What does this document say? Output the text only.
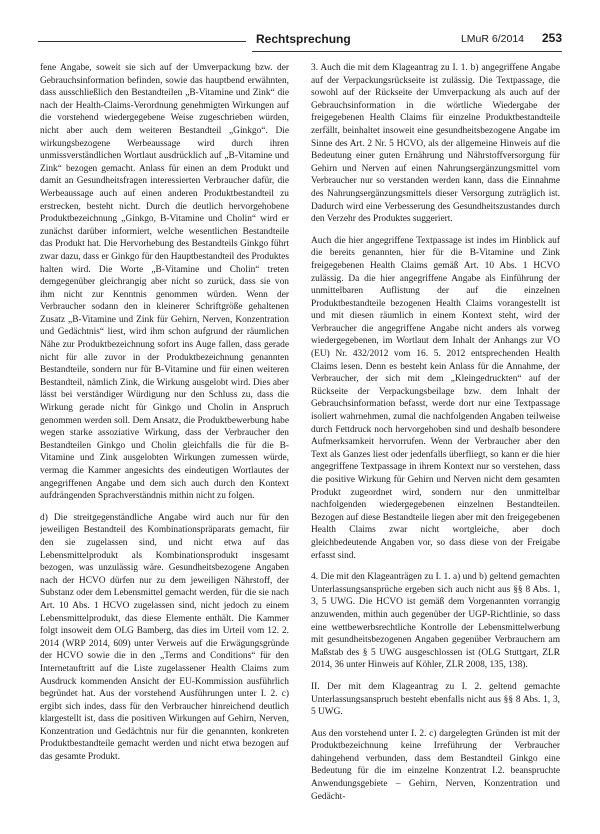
Rechtsprechung	LMuR 6/2014 253

fene Angabe, soweit sie sich auf der Umverpackung bzw. der Gebrauchsinformation befinden, sowie das hauptbend erwähnten, dass ausschließlich den Bestandteilen „B-Vitamine und Zink“ die nach der Health-Claims-Verordnung genehmigten Wirkungen auf die vorstehend wiedergegebene Weise zugeschrieben würden, nicht aber auch dem weiteren Bestandteil „Ginkgo“. Die wirkungsbezogene Werbeaussage wird durch ihren unmissverständlichen Wortlaut ausdrücklich auf „B-Vitamine und Zink“ bezogen gemacht. Anlass für einen an dem Produkt und damit an Gesundheitsfragen interessierten Verbraucher dafür, die Werbeaussage auch auf einen anderen Produktbestandteil zu erstrecken, besteht nicht. Durch die deutlich hervorgehobene Produktbezeichnung „Ginkgo, B-Vitamine und Cholin“ wird er zunächst darüber informiert, welche wesentlichen Bestandteile das Produkt hat. Die Hervorhebung des Bestandteils Ginkgo führt zwar dazu, dass er Ginkgo für den Hauptbestandteil des Produktes halten wird. Die Worte „B-Vitamine und Cholin“ treten demgegenüber gleichrangig aber nicht so zurück, dass sie von ihm nicht zur Kenntnis genommen würden. Wenn der Verbraucher sodann den in kleinerer Schriftgröße gehaltenen Zusatz „B-Vitamine und Zink für Gehirn, Nerven, Konzentration und Gedächtnis“ liest, wird ihm schon aufgrund der räumlichen Nähe zur Produktbezeichnung sofort ins Auge fallen, dass gerade nicht für alle zuvor in der Produktbezeichnung genannten Bestandteile, sondern nur für B-Vitamine und für einen weiteren Bestandteil, nämlich Zink, die Wirkung ausgelobt wird. Dies aber lässt bei verständiger Würdigung nur den Schluss zu, dass die Wirkung gerade nicht für Ginkgo und Cholin in Anspruch genommen werden soll. Dem Ansatz, die Produktbewerbung habe wegen starke assoziative Wirkung, dass der Verbraucher den Bestandteilen Ginkgo und Cholin gleichfalls die für die B-Vitamine und Zink ausgelobten Wirkungen zumessen würde, vermag die Kammer angesichts des eindeutigen Wortlautes der angegriffenen Angabe und dem sich auch durch den Kontext aufdrängenden Sprachverständnis mithin nicht zu folgen.

d) Die streitgegenständliche Angabe wird auch nur für den jeweiligen Bestandteil des Kombinationspräparats gemacht, für den sie zugelassen sind, und nicht etwa auf das Lebensmittelprodukt als Kombinationsprodukt insgesamt bezogen, was unzulässig wäre. Gesundheitsbezogene Angaben nach der HCVO dürfen nur zu dem jeweiligen Nährstoff, der Substanz oder dem Lebensmittel gemacht werden, für die sie nach Art. 10 Abs. 1 HCVO zugelassen sind, nicht jedoch zu einem Lebensmittelprodukt, das diese Elemente enthält. Die Kammer folgt insoweit dem OLG Bamberg, das dies im Urteil vom 12. 2. 2014 (WRP 2014, 609) unter Verweis auf die Erwägungsgründe der HCVO sowie die in den „Terms and Conditions“ für den Internetauftritt auf die Liste zugelassener Health Claims zum Ausdruck kommenden Ansicht der EU-Kommission ausführlich begründet hat. Aus der vorstehend Ausführungen unter I. 2. c) ergibt sich indes, dass für den Verbraucher hinreichend deutlich klargestellt ist, dass die positiven Wirkungen auf Gehirn, Nerven, Konzentration und Gedächtnis nur für die genannten, konkreten Produktbestandteile gemacht werden und nicht etwa bezogen auf das gesamte Produkt.

3. Auch die mit dem Klageantrag zu I. 1. b) angegriffene Angabe auf der Verpackungsrückseite ist zulässig. Die Textpassage, die sowohl auf der Rückseite der Umverpackung als auch auf der Gebrauchsinformation in die wörtliche Wiedergabe der freigegebenen Health Claims für einzelne Produktbestandteile zerfällt, beinhaltet insoweit eine gesundheitsbezogene Angabe im Sinne des Art. 2 Nr. 5 HCVO, als der allgemeine Hinweis auf die Bedeutung einer guten Ernährung und Nährstoffversorgung für Gehirn und Nerven auf einen Nahrungsergänzungsmittel vom Verbraucher nur so verstanden werden kann, dass die Einnahme des Nahrungsergänzungsmittels dieser Versorgung zuträglich ist. Dadurch wird eine Verbesserung des Gesundheitszustandes durch den Verzehr des Produktes suggeriert.

Auch die hier angegriffene Textpassage ist indes im Hinblick auf die bereits genannten, hier für die B-Vitamine und Zink freigegebenen Health Claims gemäß Art. 10 Abs. 1 HCVO zulässig. Da die hier angegriffene Angabe als Einführung der unmittelbaren Auflistung der auf die einzelnen Produktbestandteile bezogenen Health Claims vorangestellt ist und mit diesen räumlich in einem Kontext steht, wird der Verbraucher die angegriffene Angabe nicht anders als vorweg wiedergegebenen, im Wortlaut dem Inhalt der Anhangs zur VO (EU) Nr. 432/2012 vom 16. 5. 2012 entsprechenden Health Claims lesen. Denn es besteht kein Anlass für die Annahme, der Verbraucher, der sich mit dem „Kleingedruckten“ auf der Rückseite der Verpackungsbeilage bzw. dem Inhalt der Gebrauchsinformation befasst, werde dort nur eine Textpassage isoliert wahrnehmen, zumal die nachfolgenden Angaben teilweise durch Fettdruck noch hervorgehoben sind und deshalb besondere Aufmerksamkeit hervorrufen. Wenn der Verbraucher aber den Text als Ganzes liest oder jedenfalls überfliegt, so kann er die hier angegriffene Textpassage in ihrem Kontext nur so verstehen, dass die positive Wirkung für Gehirn und Nerven nicht dem gesamten Produkt zugeordnet wird, sondern nur den unmittelbar nachfolgenden wiedergegebenen einzelnen Bestandteilen. Bezogen auf diese Bestandteile liegen aber mit den freigegebenen Health Claims zwar nicht wortgleiche, aber doch gleichbedeutende Angaben vor, so dass diese von der Freigabe erfasst sind.

4. Die mit den Klageanträgen zu I. 1. a) und b) geltend gemachten Unterlassungsansprüche ergeben sich auch nicht aus §§ 8 Abs. 1, 3, 5 UWG. Die HCVO ist gemäß dem Vorgenannten vorrangig anzuwenden, mithin auch gegenüber der UGP-Richtlinie, so dass eine wettbewerbsrechtliche Kontrolle der Lebensmittelwerbung mit gesundheitsbezogenen Angaben gegenüber Verbrauchern am Maßstab des § 5 UWG ausgeschlossen ist (OLG Stuttgart, ZLR 2014, 36 unter Hinweis auf Köhler, ZLR 2008, 135, 138).

II. Der mit dem Klageantrag zu I. 2. geltend gemachte Unterlassungsanspruch besteht ebenfalls nicht aus §§ 8 Abs. 1, 3, 5 UWG.

Aus den vorstehend unter I. 2. c) dargelegten Gründen ist mit der Produktbezeichnung keine Irreführung der Verbraucher dahingehend verbunden, dass dem Bestandteil Ginkgo eine Bedeutung für die im einzelne Konzentrat I.2. beanspruchte Anwendungsgebiete – Gehirn, Nerven, Konzentration und Gedächt-
